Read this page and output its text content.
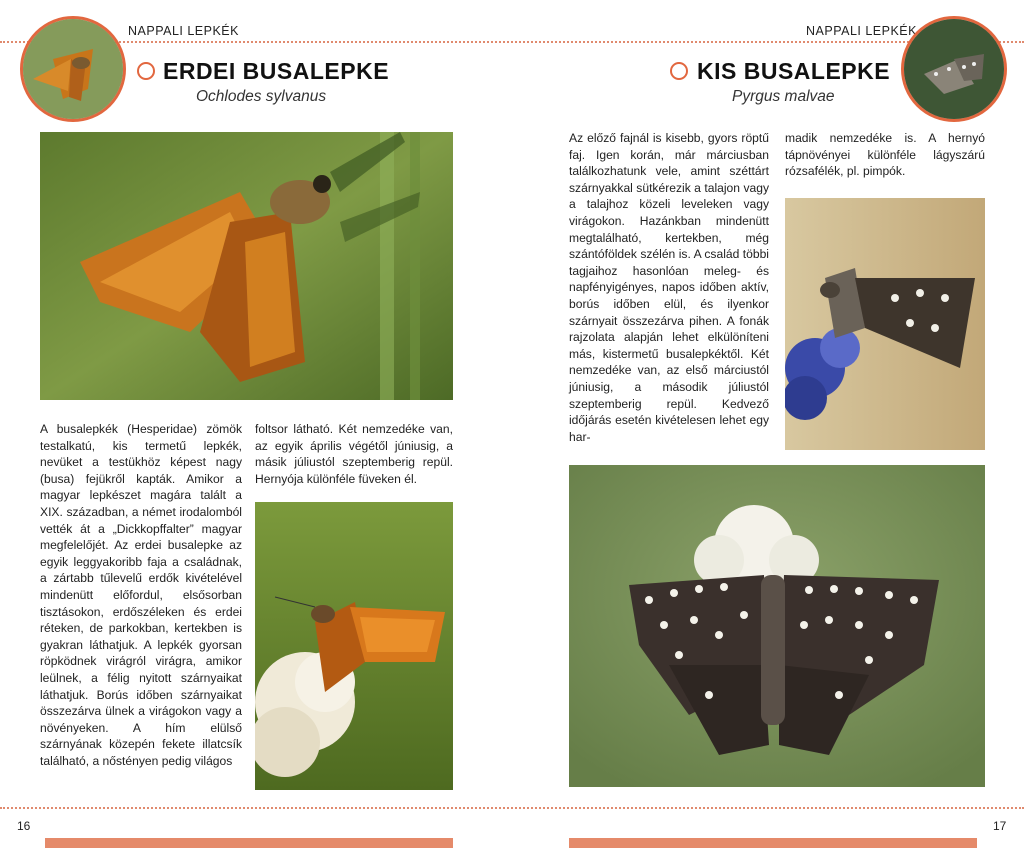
NAPPALI LEPKÉK
ERDEI BUSALEPKE
Ochlodes sylvanus

A busalepkék (Hesperidae) zömök testalkatú, kis termetű lepkék, nevüket a testükhöz képest nagy (busa) fejükről kapták. Amikor a magyar lepkészet magára talált a XIX. században, a német irodalomból vették át a „Dickkopffalter” magyar megfelelőjét. Az erdei busalepke az egyik leggyakoribb faja a családnak, a zártabb tűlevelű erdők kivételével mindenütt előfordul, elsősorban tisztásokon, erdőszéleken és erdei réteken, de parkokban, kertekben is gyakran láthatjuk. A lepkék gyorsan röpködnek virágról virágra, amikor leülnek, a félig nyitott szárnyaikat láthatjuk. Borús időben szárnyaikat összezárva ülnek a virágokon vagy a növényeken. A hím elülső szárnyának közepén fekete illatcsík található, a nőstényen pedig világos

foltsor látható. Két nemzedéke van, az egyik április végétől júniusig, a másik júliustól szeptemberig repül. Hernyója különféle füveken él.

16
NAPPALI LEPKÉK
KIS BUSALEPKE
Pyrgus malvae

Az előző fajnál is kisebb, gyors röptű faj. Igen korán, már márciusban találkozhatunk vele, amint széttárt szárnyakkal sütkérezik a talajon vagy a talajhoz közeli leveleken vagy virágokon. Hazánkban mindenütt megtalálható, kertekben, még szántóföldek szélén is. A család többi tagjaihoz hasonlóan meleg- és napfényigényes, napos időben aktív, borús időben elül, és ilyenkor szárnyait összezárva pihen. A fonák rajzolata alapján lehet elkülöníteni más, kistermetű busalepkéktől. Két nemzedéke van, az első márciustól júniusig, a második júliustól szeptemberig repül. Kedvező időjárás esetén kivételesen lehet egy har-

madik nemzedéke is. A hernyó tápnövényei különféle lágyszárú rózsafélék, pl. pimpók.

17
